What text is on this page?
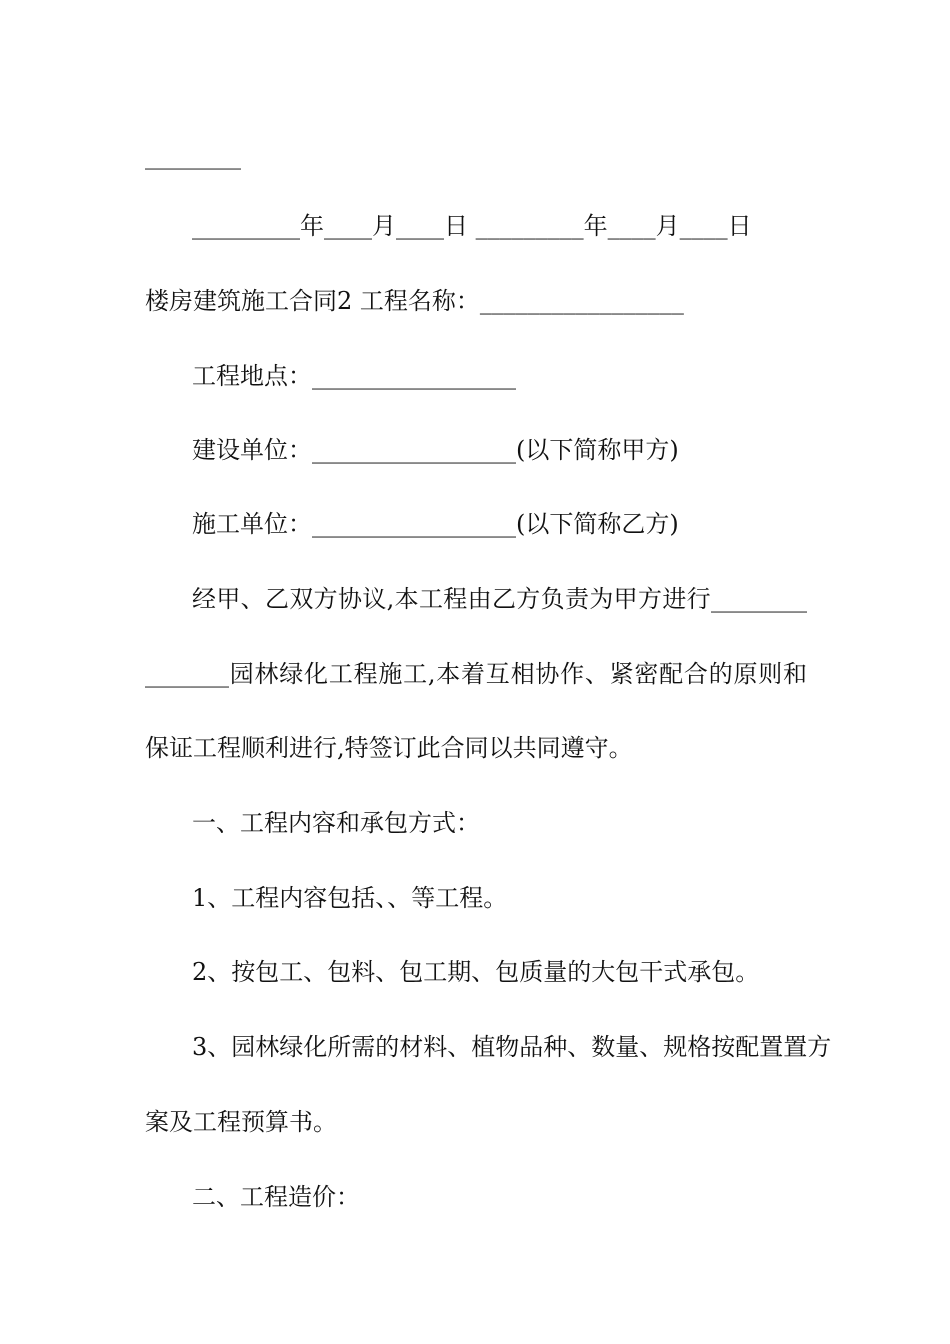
________
_________年____月____日 _________年____月____日
楼房建筑施工合同2 工程名称：_________________
工程地点：_________________
建设单位：_________________(以下简称甲方)
施工单位：_________________(以下简称乙方)
经甲、乙双方协议,本工程由乙方负责为甲方进行________
_______园林绿化工程施工,本着互相协作、紧密配合的原则和
保证工程顺利进行,特签订此合同以共同遵守。
一、工程内容和承包方式：
1、工程内容包括、、等工程。
2、按包工、包料、包工期、包质量的大包干式承包。
3、园林绿化所需的材料、植物品种、数量、规格按配置置方
案及工程预算书。
二、工程造价：
